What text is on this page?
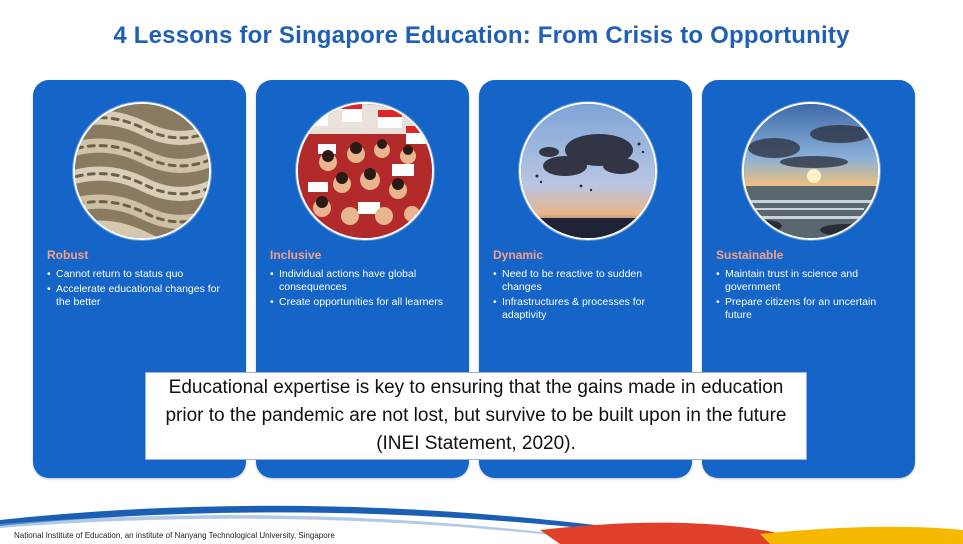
4 Lessons for Singapore Education: From Crisis to Opportunity
Robust
• Cannot return to status quo
• Accelerate educational changes for the better
Inclusive
• Individual actions have global consequences
• Create opportunities for all learners
Dynamic
• Need to be reactive to sudden changes
• Infrastructures & processes for adaptivity
Sustainable
• Maintain trust in science and government
• Prepare citizens for an uncertain future
Educational expertise is key to ensuring that the gains made in education prior to the pandemic are not lost, but survive to be built upon in the future (INEI Statement, 2020).
National Institute of Education, an institute of Nanyang Technological University, Singapore
